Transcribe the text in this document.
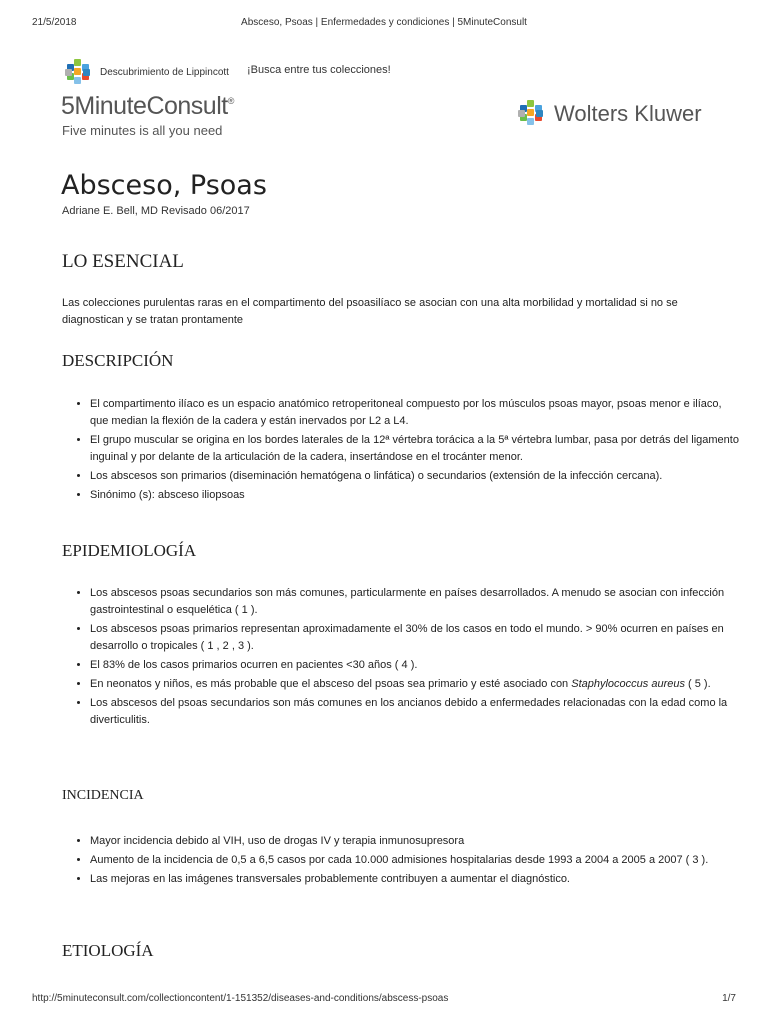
21/5/2018	Absceso, Psoas | Enfermedades y condiciones | 5MinuteConsult
Descubrimiento de Lippincott ¡Busca entre tus colecciones!
5MinuteConsult®
Five minutes is all you need
Wolters Kluwer
Absceso, Psoas
Adriane E. Bell, MD Revisado 06/2017
LO ESENCIAL

Las colecciones purulentas raras en el compartimento del psoasilíaco se asocian con una alta morbilidad y mortalidad si no se diagnostican y se tratan prontamente

DESCRIPCIÓN
• El compartimento ilíaco es un espacio anatómico retroperitoneal compuesto por los músculos psoas mayor, psoas menor e ilíaco, que median la flexión de la cadera y están inervados por L2 a L4.
• El grupo muscular se origina en los bordes laterales de la 12ª vértebra torácica a la 5ª vértebra lumbar, pasa por detrás del ligamento inguinal y por delante de la articulación de la cadera, insertándose en el trocánter menor.
• Los abscesos son primarios (diseminación hematógena o linfática) o secundarios (extensión de la infección cercana).
• Sinónimo (s): absceso iliopsoas
EPIDEMIOLOGÍA
• Los abscesos psoas secundarios son más comunes, particularmente en países desarrollados. A menudo se asocian con infección gastrointestinal o esquelética ( 1 ).
• Los abscesos psoas primarios representan aproximadamente el 30% de los casos en todo el mundo. > 90% ocurren en países en desarrollo o tropicales ( 1 , 2 , 3 ).
• El 83% de los casos primarios ocurren en pacientes <30 años ( 4 ).
• En neonatos y niños, es más probable que el absceso del psoas sea primario y esté asociado con Staphylococcus aureus ( 5 ).
• Los abscesos del psoas secundarios son más comunes en los ancianos debido a enfermedades relacionadas con la edad como la diverticulitis.
INCIDENCIA
• Mayor incidencia debido al VIH, uso de drogas IV y terapia inmunosupresora
• Aumento de la incidencia de 0,5 a 6,5 casos por cada 10.000 admisiones hospitalarias desde 1993 a 2004 a 2005 a 2007 ( 3 ).
• Las mejoras en las imágenes transversales probablemente contribuyen a aumentar el diagnóstico.
ETIOLOGÍA
http://5minuteconsult.com/collectioncontent/1-151352/diseases-and-conditions/abscess-psoas	1/7
